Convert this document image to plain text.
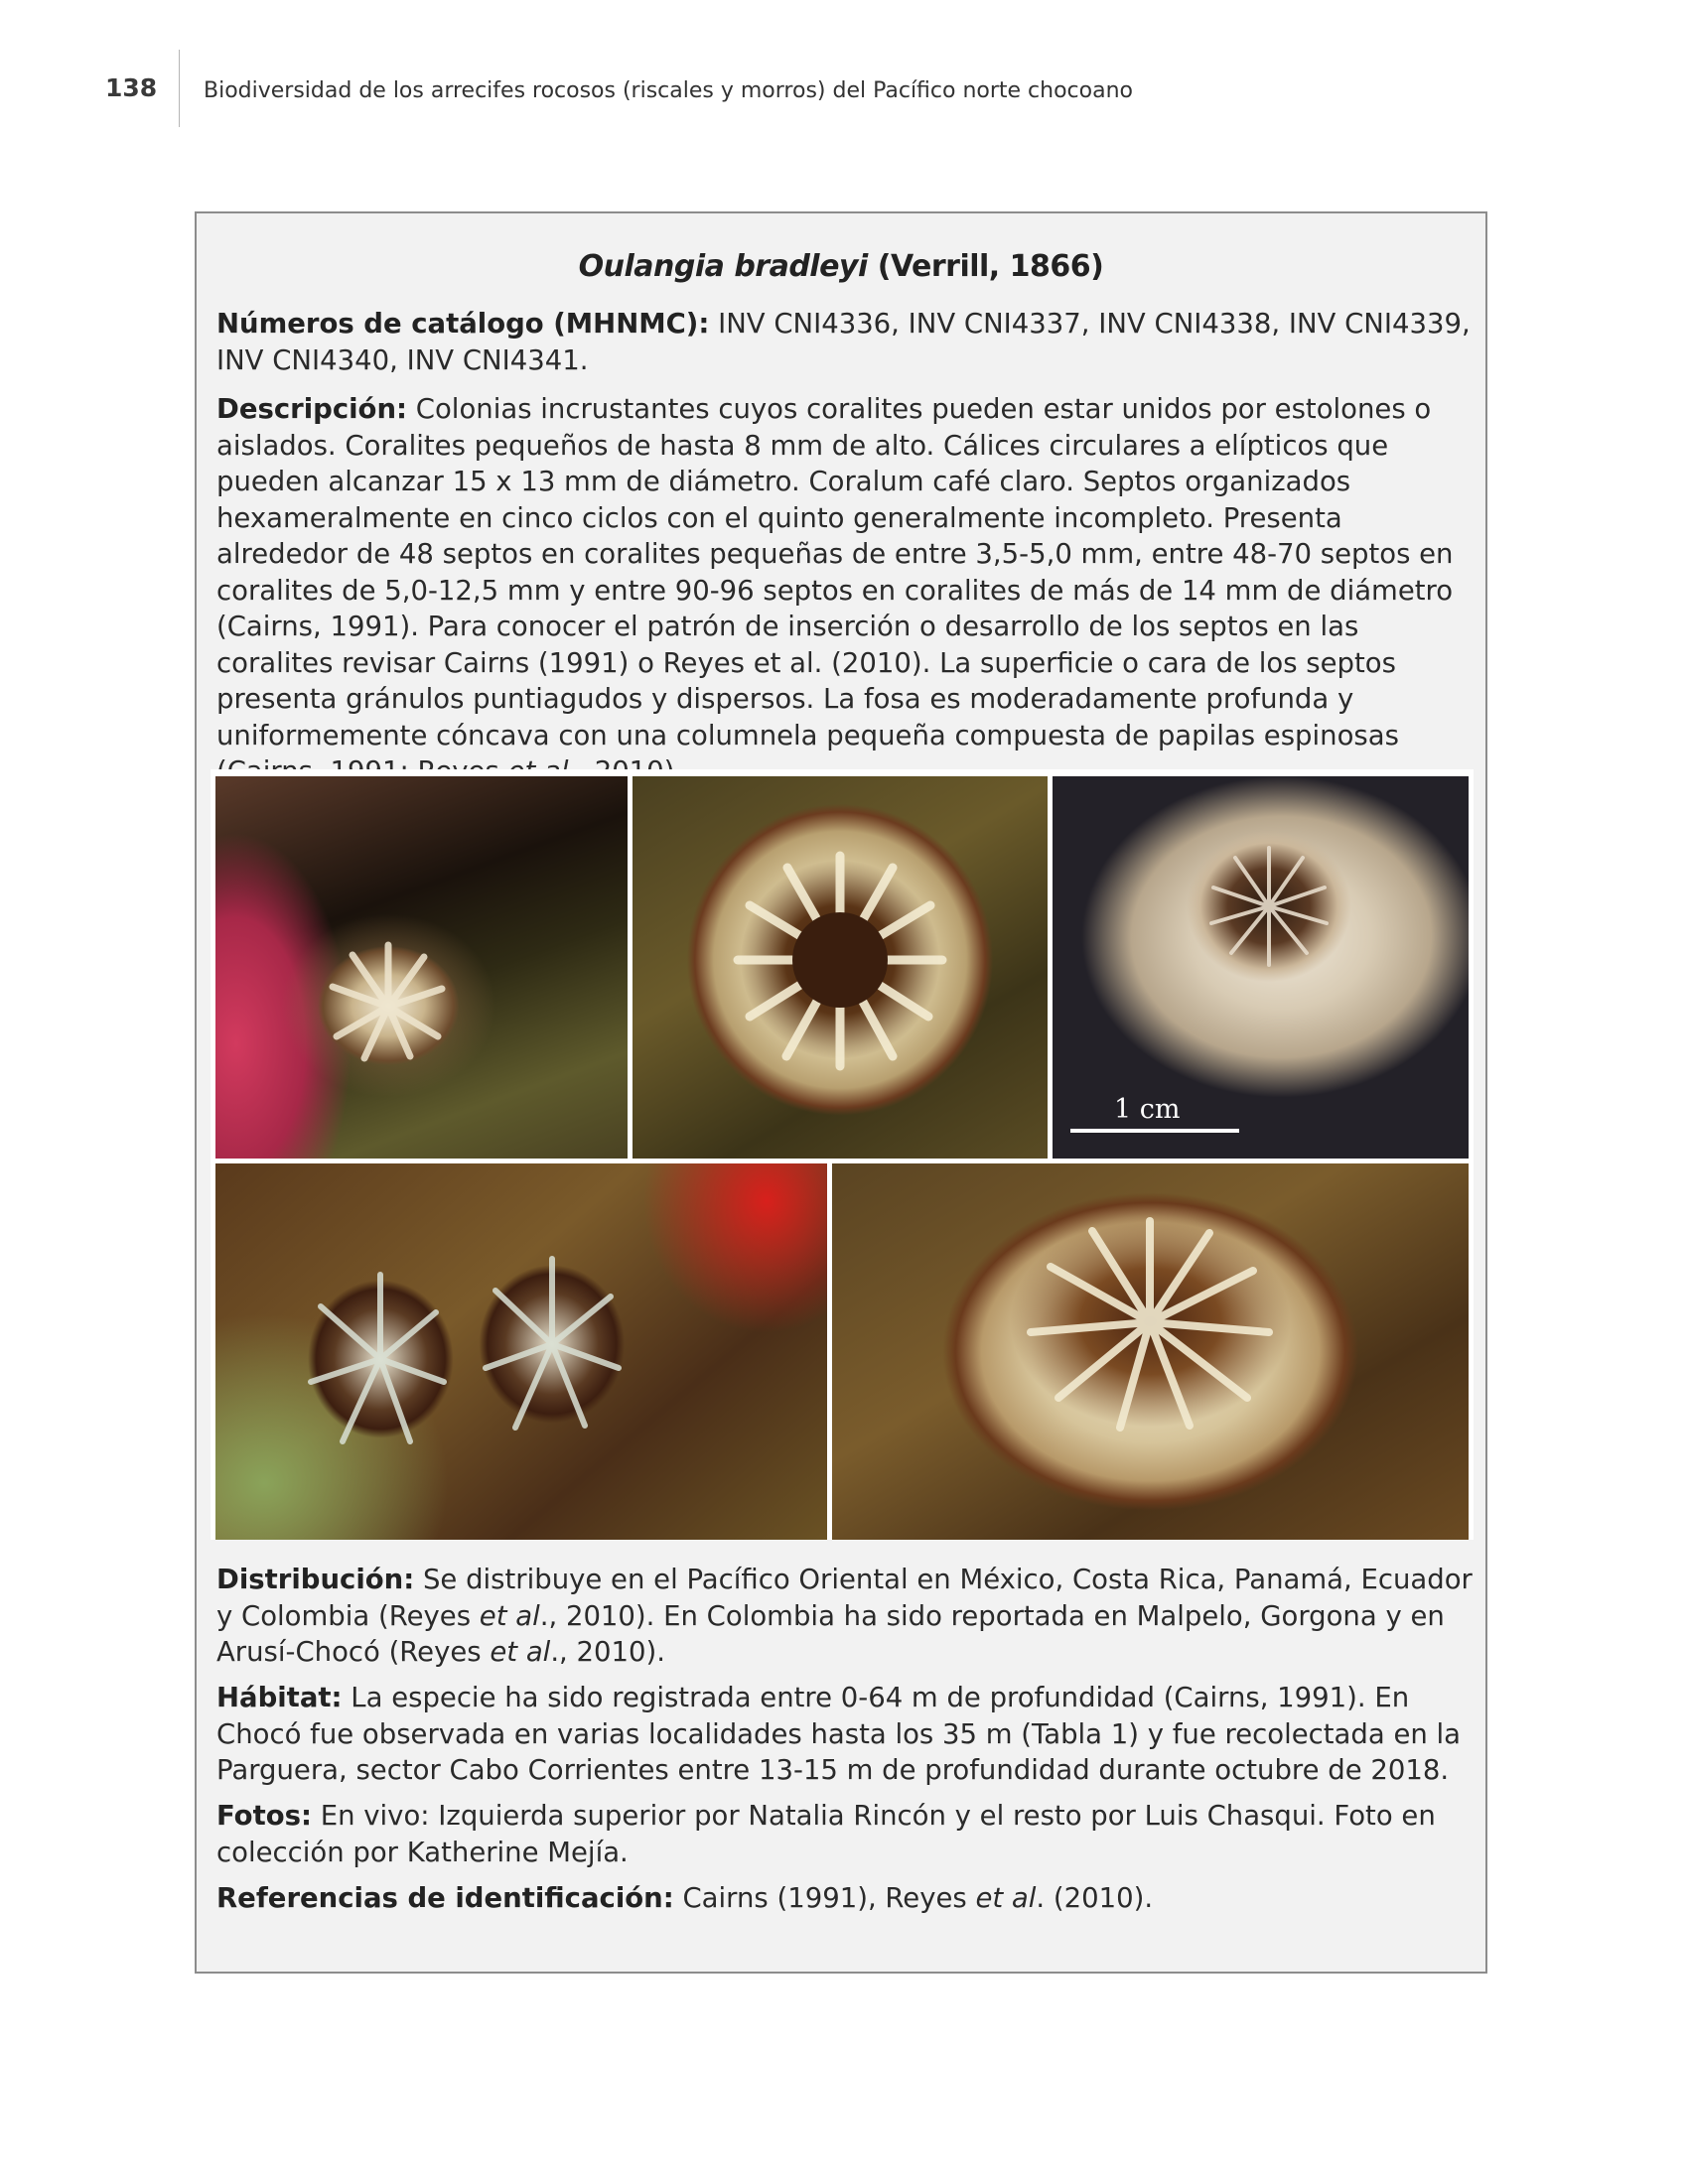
138 Biodiversidad de los arrecifes rocosos (riscales y morros) del Pacífico norte chocoano
Oulangia bradleyi (Verrill, 1866)

Números de catálogo (MHNMC): INV CNI4336, INV CNI4337, INV CNI4338, INV CNI4339, INV CNI4340, INV CNI4341.

Descripción: Colonias incrustantes cuyos coralites pueden estar unidos por estolones o aislados. Coralites pequeños de hasta 8 mm de alto. Cálices circulares a elípticos que pueden alcanzar 15 x 13 mm de diámetro. Coralum café claro. Septos organizados hexameralmente en cinco ciclos con el quinto generalmente incompleto. Presenta alrededor de 48 septos en coralites pequeñas de entre 3,5-5,0 mm, entre 48-70 septos en coralites de 5,0-12,5 mm y entre 90-96 septos en coralites de más de 14 mm de diámetro (Cairns, 1991). Para conocer el patrón de inserción o desarrollo de los septos en las coralites revisar Cairns (1991) o Reyes et al. (2010). La superficie o cara de los septos presenta gránulos puntiagudos y dispersos. La fosa es moderadamente profunda y uniformemente cóncava con una columnela pequeña compuesta de papilas espinosas

1 cm

Distribución: Se distribuye en el Pacífico Oriental en México, Costa Rica, Panamá, Ecuador y Colombia (Reyes et al., 2010). En Colombia ha sido reportada en Malpelo, Gorgona y en Arusí-Chocó (Reyes et al., 2010).

Hábitat: La especie ha sido registrada entre 0-64 m de profundidad (Cairns, 1991). En Chocó fue observada en varias localidades hasta los 35 m (Tabla 1) y fue recolectada en la Parguera, sector Cabo Corrientes entre 13-15 m de profundidad durante octubre de 2018.

Fotos: En vivo: Izquierda superior por Natalia Rincón y el resto por Luis Chasqui. Foto en colección por Katherine Mejía.

Referencias de identificación: Cairns (1991), Reyes et al. (2010).
